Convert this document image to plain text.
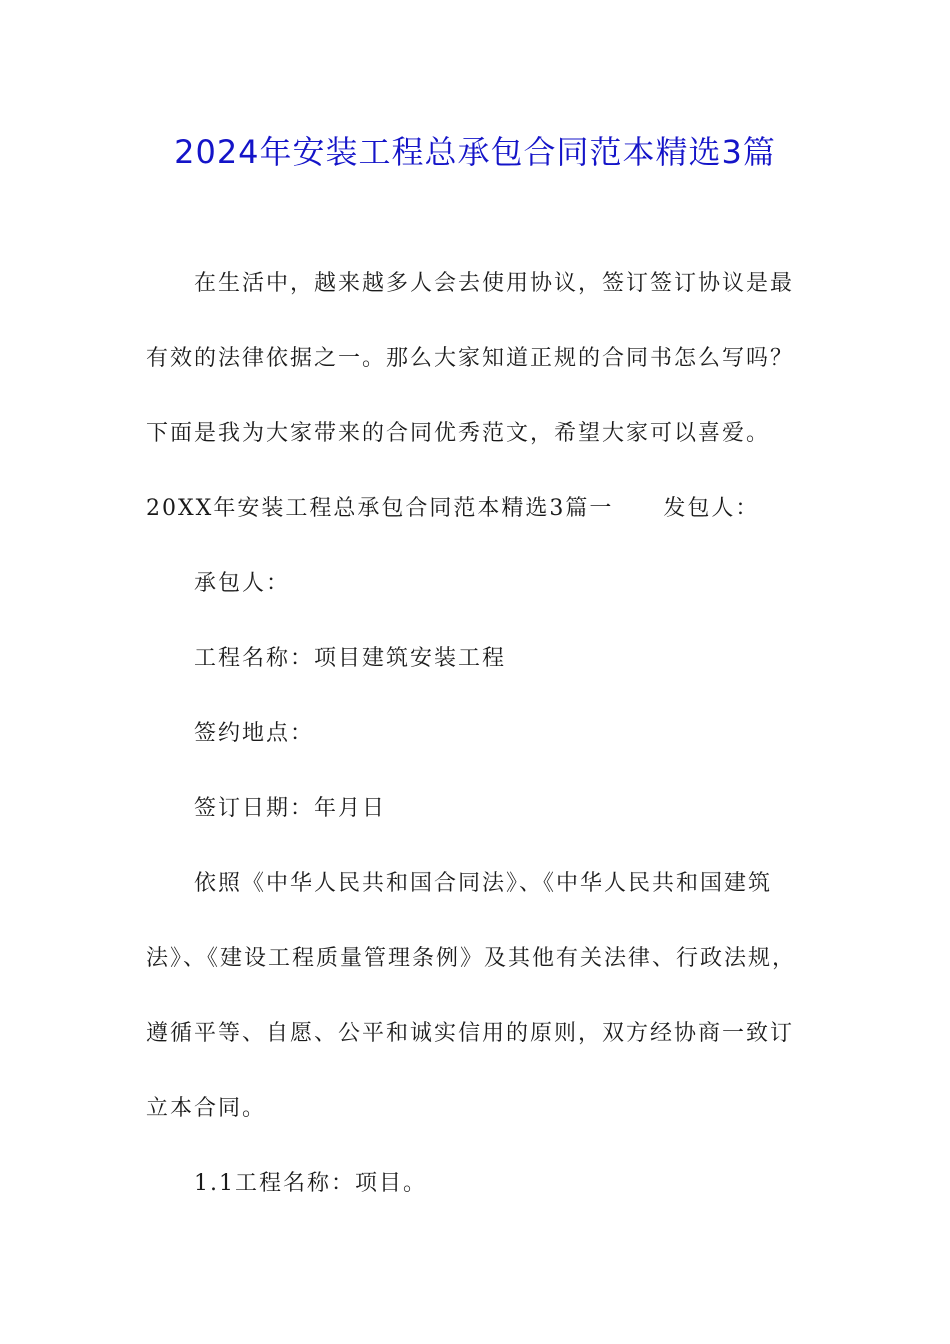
2024年安装工程总承包合同范本精选3篇

在生活中，越来越多人会去使用协议，签订签订协议是最

有效的法律依据之一。那么大家知道正规的合同书怎么写吗？

下面是我为大家带来的合同优秀范文，希望大家可以喜爱。

20XX年安装工程总承包合同范本精选3篇一 发包人：

承包人：

工程名称：项目建筑安装工程

签约地点：

签订日期：年月日

依照《中华人民共和国合同法》、《中华人民共和国建筑

法》、《建设工程质量管理条例》及其他有关法律、行政法规，

遵循平等、自愿、公平和诚实信用的原则，双方经协商一致订

立本合同。

1.1工程名称：项目。
